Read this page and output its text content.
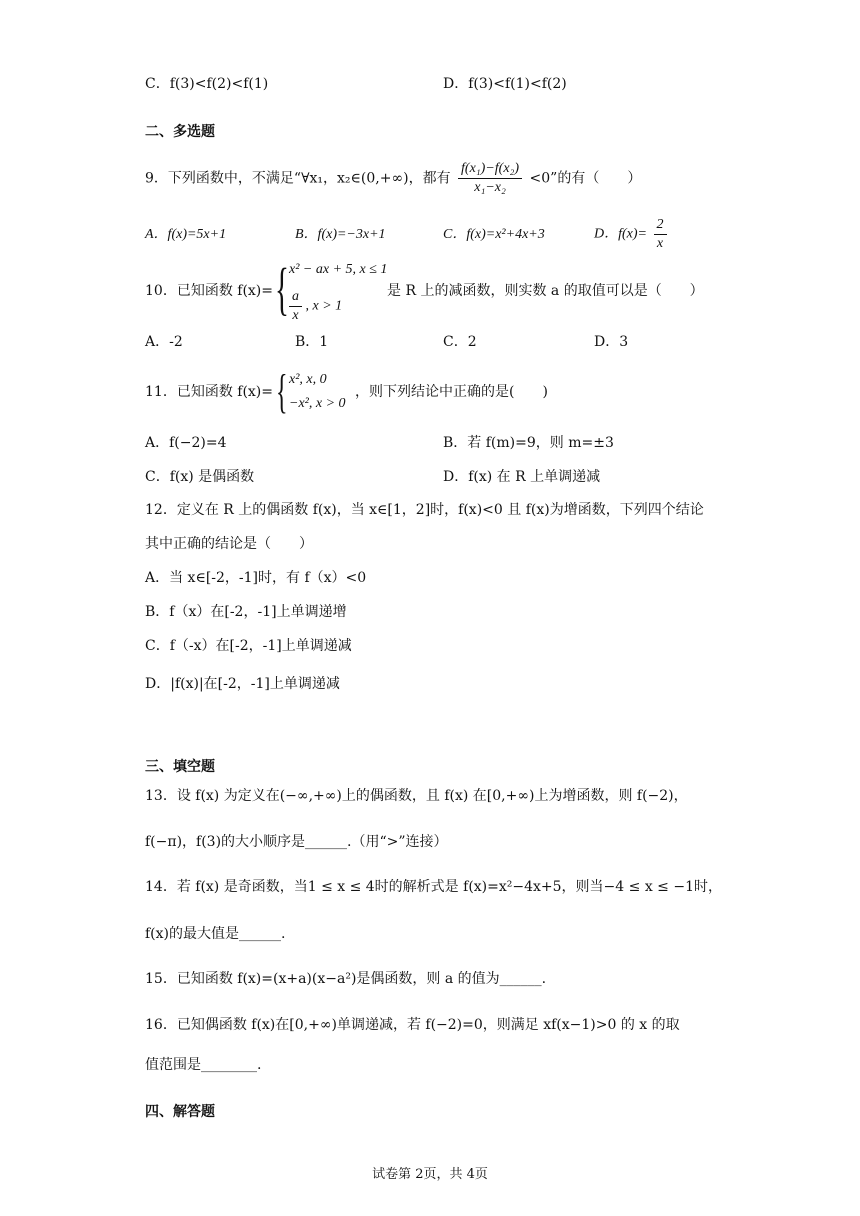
C．f(3)<f(2)<f(1)	D．f(3)<f(1)<f(2)
二、多选题
9．下列函数中，不满足“∀x₁，x₂∈(0,+∞)，都有 $\frac{\text{f(x₁)−f(x₂)}}{\text{x₁−x₂}} <0$”的有（　　）
A．f(x)=5x+1	B．f(x)=−3x+1	C．f(x)=x²+4x+3	D．$f(x)= \frac{2}{x}$
10．已知函数 f(x)= { x² − ax + 5, x ≤ 1
$\frac{a}{x}$ , x > 1
是 R 上的减函数，则实数 a 的取值可以是（　　）
A．-2	B．1	C．2	D．3
11．已知函数 f(x)= { x², x, 0
−x², x > 0
，则下列结论中正确的是(　　)
A．f(−2)=4	B．若 f(m)=9，则 m=±3
C．f(x) 是偶函数	D．f(x) 在 R 上单调递减
12．定义在 R 上的偶函数 f(x)，当 x∈[1，2]时，f(x)<0 且 f(x)为增函数，下列四个结论
其中正确的结论是（　　）
A．当 x∈[-2，-1]时，有 f（x）<0
B．f（x）在[-2，-1]上单调递增
C．f（-x）在[-2，-1]上单调递减
D．|f(x)|在[-2，-1]上单调递减
三、填空题
13．设 f(x) 为定义在(−∞,+∞)上的偶函数，且 f(x) 在[0,+∞)上为增函数，则 f(−2)，
f(−π)，f(3)的大小顺序是______.（用“>”连接）
14．若 f(x) 是奇函数，当1 ≤ x ≤ 4时的解析式是 f(x)=x²−4x+5，则当−4 ≤ x ≤ −1时，
f(x)的最大值是______.
15．已知函数 f(x)=(x+a)(x−a²)是偶函数，则 a 的值为______.
16．已知偶函数 f(x)在[0,+∞)单调递减，若 f(−2)=0，则满足 xf(x−1)>0 的 x 的取
值范围是________.
四、解答题
试卷第 2页，共 4页
